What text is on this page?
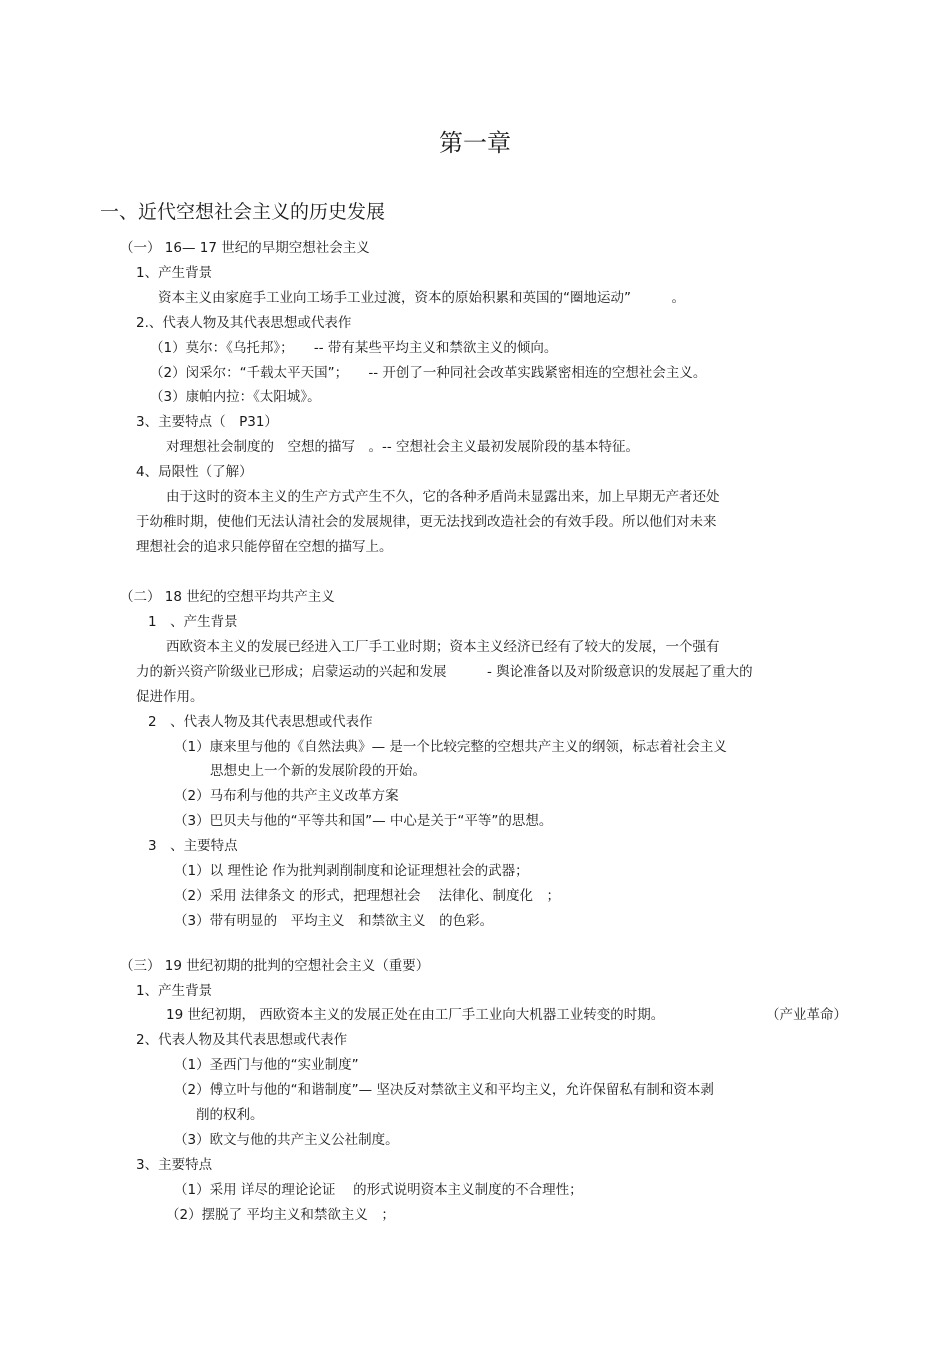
第一章
一、近代空想社会主义的历史发展
（一） 16— 17 世纪的早期空想社会主义
1、产生背景
资本主义由家庭手工业向工场手工业过渡，资本的原始积累和英国的“圈地运动”　　　。
2.、代表人物及其代表思想或代表作
（1）莫尔：《乌托邦》；　　-- 带有某些平均主义和禁欲主义的倾向。
（2）闵采尔：“千载太平天国”；　　-- 开创了一种同社会改革实践紧密相连的空想社会主义。
（3）康帕内拉：《太阳城》。
3、主要特点（　P31）
对理想社会制度的　空想的描写　。-- 空想社会主义最初发展阶段的基本特征。
4、局限性（了解）
由于这时的资本主义的生产方式产生不久，它的各种矛盾尚未显露出来，加上早期无产者还处
于幼稚时期，使他们无法认清社会的发展规律，更无法找到改造社会的有效手段。所以他们对未来
理想社会的追求只能停留在空想的描写上。
（二） 18 世纪的空想平均共产主义
1　、产生背景
西欧资本主义的发展已经进入工厂手工业时期；资本主义经济已经有了较大的发展，一个强有
力的新兴资产阶级业已形成；启蒙运动的兴起和发展　　　- 舆论准备以及对阶级意识的发展起了重大的
促进作用。
2　、代表人物及其代表思想或代表作
（1）康来里与他的《自然法典》— 是一个比较完整的空想共产主义的纲领，标志着社会主义
思想史上一个新的发展阶段的开始。
（2）马布利与他的共产主义改革方案
（3）巴贝夫与他的“平等共和国”— 中心是关于“平等”的思想。
3　、主要特点
（1）以 理性论 作为批判剥削制度和论证理想社会的武器；
（2）采用 法律条文 的形式，把理想社会　 法律化、制度化　；
（3）带有明显的　平均主义　和禁欲主义　的色彩。
（三） 19 世纪初期的批判的空想社会主义（重要）
1、产生背景
19 世纪初期， 西欧资本主义的发展正处在由工厂手工业向大机器工业转变的时期。	（产业革命）
2、代表人物及其代表思想或代表作
（1）圣西门与他的“实业制度”
（2）傅立叶与他的“和谐制度”— 坚决反对禁欲主义和平均主义，允许保留私有制和资本剥
削的权利。
（3）欧文与他的共产主义公社制度。
3、主要特点
（1）采用 详尽的理论论证　 的形式说明资本主义制度的不合理性；
（2）摆脱了 平均主义和禁欲主义　；
